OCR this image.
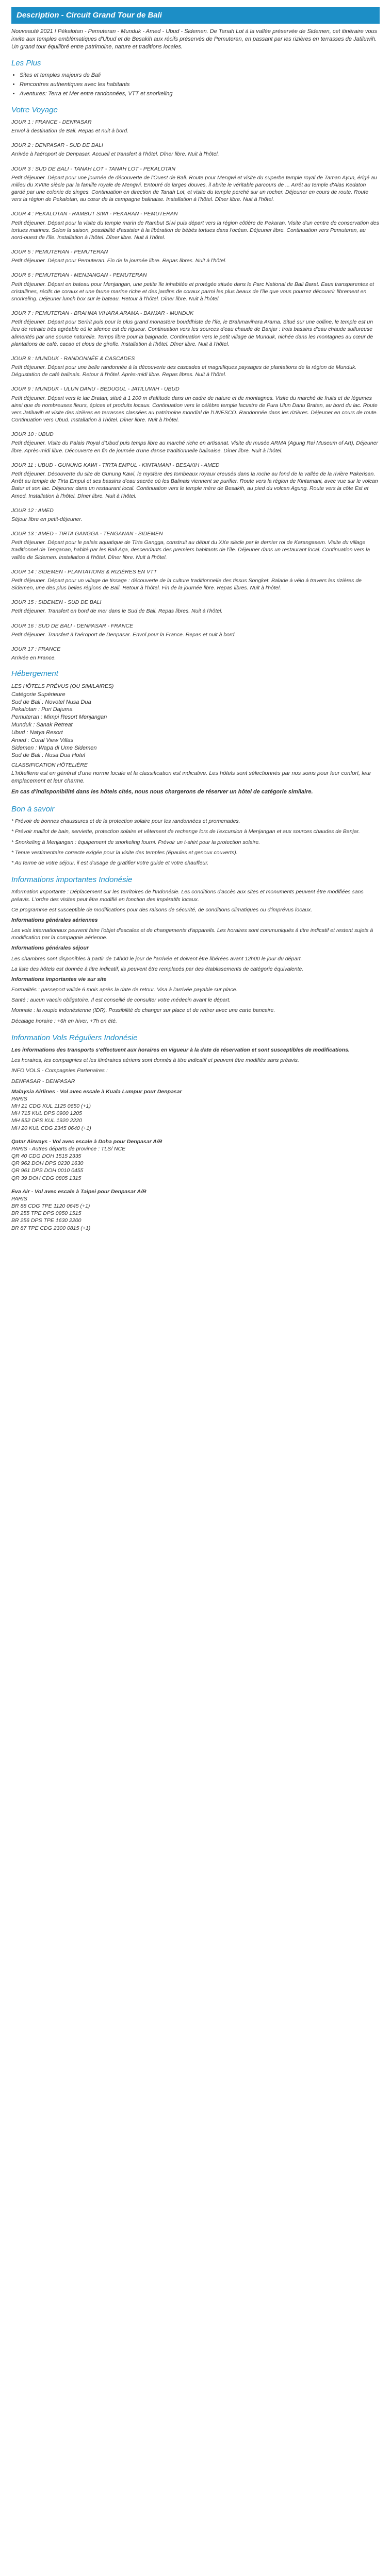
Description - Circuit Grand Tour de Bali

Nouveauté 2021 ! Pékalotan - Pemuteran - Munduk - Amed - Ubud - Sidemen. De Tanah Lot à la vallée préservée de Sidemen, cet itinéraire vous invite aux temples emblématiques d'Ubud et de Besakih aux récifs préservés de Pemuteran, en passant par les rizières en terrasses de Jatiluwih. Un grand tour équilibré entre patrimoine, nature et traditions locales.

Les Plus
• Sites et temples majeurs de Bali
• Rencontres authentiques avec les habitants
• Aventures: Terra et Mer entre randonnées, VTT et snorkeling
Votre Voyage
JOUR 1 : FRANCE - DENPASAR
Envol à destination de Bali. Repas et nuit à bord.
JOUR 2 : DENPASAR - SUD DE BALI
Arrivée à l'aéroport de Denpasar. Accueil et transfert à l'hôtel. Dîner libre. Nuit à l'hôtel.
JOUR 3 : SUD DE BALI - TANAH LOT - TANAH LOT - PEKALOTAN
Petit déjeuner. Départ pour une journée de découverte de l'Ouest de Bali. Route pour Mengwi et visite du superbe temple royal de Taman Ayun, érigé au milieu du XVIIIe siècle par la famille royale de Mengwi. Entouré de larges douves, il abrite le véritable parcours de ... Arrêt au temple d'Alas Kedaton gardé par une colonie de singes. Continuation en direction de Tanah Lot, et visite du temple perché sur un rocher. Déjeuner en cours de route. Route vers la région de Pekalotan, au cœur de la campagne balinaise. Installation à l'hôtel. Dîner libre. Nuit à l'hôtel.
JOUR 4 : PEKALOTAN - RAMBUT SIWI - PEKARAN - PEMUTERAN
Petit déjeuner. Départ pour la visite du temple marin de Rambut Siwi puis départ vers la région côtière de Pekaran. Visite d'un centre de conservation des tortues marines. Selon la saison, possibilité d'assister à la libération de bébés tortues dans l'océan. Déjeuner libre. Continuation vers Pemuteran, au nord-ouest de l'île. Installation à l'hôtel. Dîner libre. Nuit à l'hôtel.
JOUR 5 : PEMUTERAN - PEMUTERAN
Petit déjeuner. Départ pour Pemuteran. Fin de la journée libre. Repas libres. Nuit à l'hôtel.
JOUR 6 : PEMUTERAN - MENJANGAN - PEMUTERAN
Petit déjeuner. Départ en bateau pour Menjangan, une petite île inhabitée et protégée située dans le Parc National de Bali Barat. Eaux transparentes et cristallines, récifs de coraux et une faune marine riche et des jardins de coraux parmi les plus beaux de l'île que vous pourrez découvrir librement en snorkeling. Déjeuner lunch box sur le bateau. Retour à l'hôtel. Dîner libre. Nuit à l'hôtel.
JOUR 7 : PEMUTERAN - BRAHMA VIHARA ARAMA - BANJAR - MUNDUK
Petit déjeuner. Départ pour Seririt puis pour le plus grand monastère bouddhiste de l'île, le Brahmavihara Arama. Situé sur une colline, le temple est un lieu de retraite très agréable où le silence est de rigueur. Continuation vers les sources d'eau chaude de Banjar : trois bassins d'eau chaude sulfureuse alimentés par une source naturelle. Temps libre pour la baignade. Continuation vers le petit village de Munduk, nichée dans les montagnes au cœur de plantations de café, cacao et clous de girofle. Installation à l'hôtel. Dîner libre. Nuit à l'hôtel.
JOUR 8 : MUNDUK - RANDONNÉE & CASCADES
Petit déjeuner. Départ pour une belle randonnée à la découverte des cascades et magnifiques paysages de plantations de la région de Munduk. Dégustation de café balinais. Retour à l'hôtel. Après-midi libre. Repas libres. Nuit à l'hôtel.
JOUR 9 : MUNDUK - ULUN DANU - BEDUGUL - JATILUWIH - UBUD
Petit déjeuner. Départ vers le lac Bratan, situé à 1 200 m d'altitude dans un cadre de nature et de montagnes. Visite du marché de fruits et de légumes ainsi que de nombreuses fleurs, épices et produits locaux. Continuation vers le célèbre temple lacustre de Pura Ulun Danu Bratan, au bord du lac. Route vers Jatiluwih et visite des rizières en terrasses classées au patrimoine mondial de l'UNESCO. Randonnée dans les rizières. Déjeuner en cours de route. Continuation vers Ubud. Installation à l'hôtel. Dîner libre. Nuit à l'hôtel.
JOUR 10 : UBUD
Petit déjeuner. Visite du Palais Royal d'Ubud puis temps libre au marché riche en artisanat. Visite du musée ARMA (Agung Rai Museum of Art), Déjeuner libre. Après-midi libre. Découverte en fin de journée d'une danse traditionnelle balinaise. Dîner libre. Nuit à l'hôtel.
JOUR 11 : UBUD - GUNUNG KAWI - TIRTA EMPUL - KINTAMANI - BESAKIH - AMED
Petit déjeuner. Découverte du site de Gunung Kawi, le mystère des tombeaux royaux creusés dans la roche au fond de la vallée de la rivière Pakerisan. Arrêt au temple de Tirta Empul et ses bassins d'eau sacrée où les Balinais viennent se purifier. Route vers la région de Kintamani, avec vue sur le volcan Batur et son lac. Déjeuner dans un restaurant local. Continuation vers le temple mère de Besakih, au pied du volcan Agung. Route vers la côte Est et Amed. Installation à l'hôtel. Dîner libre. Nuit à l'hôtel.
JOUR 12 : AMED
Séjour libre en petit-déjeuner.
JOUR 13 : AMED - TIRTA GANGGA - TENGANAN - SIDEMEN
Petit déjeuner. Départ pour le palais aquatique de Tirta Gangga, construit au début du XXe siècle par le dernier roi de Karangasem. Visite du village traditionnel de Tenganan, habité par les Bali Aga, descendants des premiers habitants de l'île. Déjeuner dans un restaurant local. Continuation vers la vallée de Sidemen. Installation à l'hôtel. Dîner libre. Nuit à l'hôtel.
JOUR 14 : SIDEMEN - PLANTATIONS & RIZIÈRES EN VTT
Petit déjeuner. Départ pour un village de tissage : découverte de la culture traditionnelle des tissus Songket. Balade à vélo à travers les rizières de Sidemen, une des plus belles régions de Bali. Retour à l'hôtel. Fin de la journée libre. Repas libres. Nuit à l'hôtel.
JOUR 15 : SIDEMEN - SUD DE BALI
Petit déjeuner. Transfert en bord de mer dans le Sud de Bali. Repas libres. Nuit à l'hôtel.
JOUR 16 : SUD DE BALI - DENPASAR - FRANCE
Petit déjeuner. Transfert à l'aéroport de Denpasar. Envol pour la France. Repas et nuit à bord.
JOUR 17 : FRANCE
Arrivée en France.
Hébergement
LES HÔTELS PRÉVUS (OU SIMILAIRES)
Catégorie Supérieure
Sud de Bali : Novotel Nusa Dua
Pekalotan : Puri Dajuma
Pemuteran : Mimpi Resort Menjangan
Munduk : Sanak Retreat
Ubud : Natya Resort
Amed : Coral View Villas
Sidemen : Wapa di Ume Sidemen
Sud de Bali : Nusa Dua Hotel
CLASSIFICATION HÔTELIÈRE

L'hôtellerie est en général d'une norme locale et la classification est indicative. Les hôtels sont sélectionnés par nos soins pour leur confort, leur emplacement et leur charme.

En cas d'indisponibilité dans les hôtels cités, nous nous chargerons de réserver un hôtel de catégorie similaire.

Bon à savoir

* Prévoir de bonnes chaussures et de la protection solaire pour les randonnées et promenades.

* Prévoir maillot de bain, serviette, protection solaire et vêtement de rechange lors de l'excursion à Menjangan et aux sources chaudes de Banjar.

* Snorkeling à Menjangan : équipement de snorkeling fourni. Prévoir un t-shirt pour la protection solaire.

* Tenue vestimentaire correcte exigée pour la visite des temples (épaules et genoux couverts).

* Au terme de votre séjour, il est d'usage de gratifier votre guide et votre chauffeur.

Informations importantes Indonésie

Information importante : Déplacement sur les territoires de l'Indonésie. Les conditions d'accès aux sites et monuments peuvent être modifiées sans préavis. L'ordre des visites peut être modifié en fonction des impératifs locaux.

Ce programme est susceptible de modifications pour des raisons de sécurité, de conditions climatiques ou d'imprévus locaux.

Informations générales aériennes

Les vols internationaux peuvent faire l'objet d'escales et de changements d'appareils. Les horaires sont communiqués à titre indicatif et restent sujets à modification par la compagnie aérienne.

Informations générales séjour

Les chambres sont disponibles à partir de 14h00 le jour de l'arrivée et doivent être libérées avant 12h00 le jour du départ.

La liste des hôtels est donnée à titre indicatif, ils peuvent être remplacés par des établissements de catégorie équivalente.

Informations importantes vie sur site

Formalités : passeport valide 6 mois après la date de retour. Visa à l'arrivée payable sur place.

Santé : aucun vaccin obligatoire. Il est conseillé de consulter votre médecin avant le départ.

Monnaie : la roupie indonésienne (IDR). Possibilité de changer sur place et de retirer avec une carte bancaire.

Décalage horaire : +6h en hiver, +7h en été.

Information Vols Réguliers Indonésie

Les informations des transports s'effectuent aux horaires en vigueur à la date de réservation et sont susceptibles de modifications.

Les horaires, les compagnies et les itinéraires aériens sont donnés à titre indicatif et peuvent être modifiés sans préavis.

INFO VOLS - Compagnies Partenaires :

DENPASAR - DENPASAR

Malaysia Airlines - Vol avec escale à Kuala Lumpur pour Denpasar
PARIS
MH 21 CDG KUL 1125 0650 (+1)
MH 715 KUL DPS 0900 1205
MH 852 DPS KUL 1920 2220
MH 20 KUL CDG 2345 0640 (+1)
Qatar Airways - Vol avec escale à Doha pour Denpasar A/R
PARIS - Autres départs de province : TLS/ NCE
QR 40 CDG DOH 1515 2335
QR 962 DOH DPS 0230 1630
QR 961 DPS DOH 0010 0455
QR 39 DOH CDG 0805 1315
Eva Air - Vol avec escale à Taipei pour Denpasar A/R
PARIS
BR 88 CDG TPE 1120 0645 (+1)
BR 255 TPE DPS 0950 1515
BR 256 DPS TPE 1630 2200
BR 87 TPE CDG 2300 0815 (+1)
